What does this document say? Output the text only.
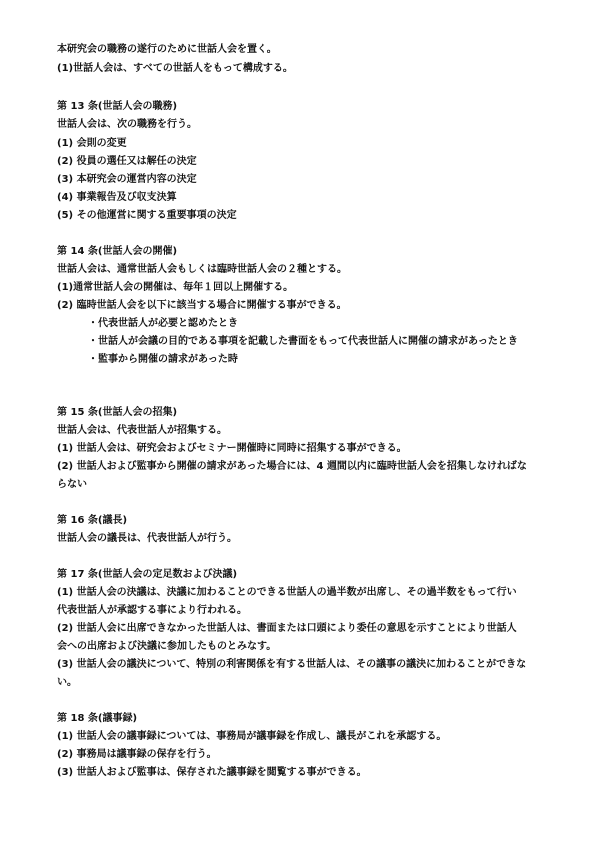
本研究会の職務の遂行のために世話人会を置く。
(1)世話人会は、すべての世話人をもって構成する。
第 13 条(世話人会の職務)
世話人会は、次の職務を行う。
(1) 会則の変更
(2) 役員の選任又は解任の決定
(3) 本研究会の運営内容の決定
(4) 事業報告及び収支決算
(5) その他運営に関する重要事項の決定
第 14 条(世話人会の開催)
世話人会は、通常世話人会もしくは臨時世話人会の２種とする。
(1)通常世話人会の開催は、毎年１回以上開催する。
(2) 臨時世話人会を以下に該当する場合に開催する事ができる。
・代表世話人が必要と認めたとき
・世話人が会議の目的である事項を記載した書面をもって代表世話人に開催の請求があったとき
・監事から開催の請求があった時
第 15 条(世話人会の招集)
世話人会は、代表世話人が招集する。
(1) 世話人会は、研究会およびセミナー開催時に同時に招集する事ができる。
(2) 世話人および監事から開催の請求があった場合には、4 週間以内に臨時世話人会を招集しなければな
らない
第 16 条(議長)
世話人会の議長は、代表世話人が行う。
第 17 条(世話人会の定足数および決議)
(1) 世話人会の決議は、決議に加わることのできる世話人の過半数が出席し、その過半数をもって行い
代表世話人が承認する事により行われる。
(2) 世話人会に出席できなかった世話人は、書面または口頭により委任の意思を示すことにより世話人
会への出席および決議に参加したものとみなす。
(3) 世話人会の議決について、特別の利害関係を有する世話人は、その議事の議決に加わることができな
い。
第 18 条(議事録)
(1) 世話人会の議事録については、事務局が議事録を作成し、議長がこれを承認する。
(2) 事務局は議事録の保存を行う。
(3) 世話人および監事は、保存された議事録を閲覧する事ができる。
